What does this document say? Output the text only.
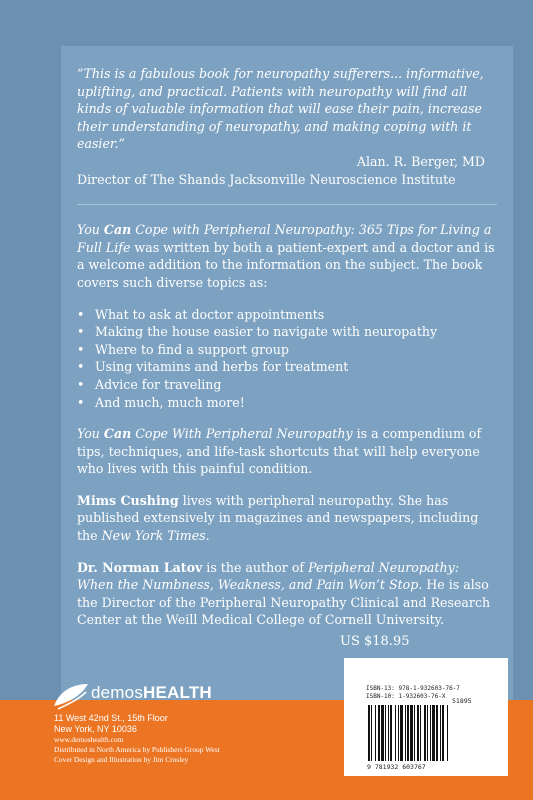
“This is a fabulous book for neuropathy sufferers... informative, uplifting, and practical. Patients with neuropathy will find all kinds of valuable information that will ease their pain, increase their understanding of neuropathy, and making coping with it easier.”
Alan. R. Berger, MD
Director of The Shands Jacksonville Neuroscience Institute

You Can Cope with Peripheral Neuropathy: 365 Tips for Living a Full Life was written by both a patient-expert and a doctor and is a welcome addition to the information on the subject. The book covers such diverse topics as:

• What to ask at doctor appointments
• Making the house easier to navigate with neuropathy
• Where to find a support group
• Using vitamins and herbs for treatment
• Advice for traveling
• And much, much more!

You Can Cope With Peripheral Neuropathy is a compendium of tips, techniques, and life-task shortcuts that will help everyone who lives with this painful condition.

Mims Cushing lives with peripheral neuropathy. She has published extensively in magazines and newspapers, including the New York Times.

Dr. Norman Latov is the author of Peripheral Neuropathy: When the Numbness, Weakness, and Pain Won’t Stop. He is also the Director of the Peripheral Neuropathy Clinical and Research Center at the Weill Medical College of Cornell University.

US $18.95
demosHEALTH
11 West 42nd St., 15th Floor
New York, NY 10036
www.demoshealth.com
Distributed in North America by Publishers Group West
Cover Design and Illustration by Jim Crosley
ISBN-13: 978-1-932603-76-7
ISBN-10: 1-932603-76-X
51895
9 781932 603767
